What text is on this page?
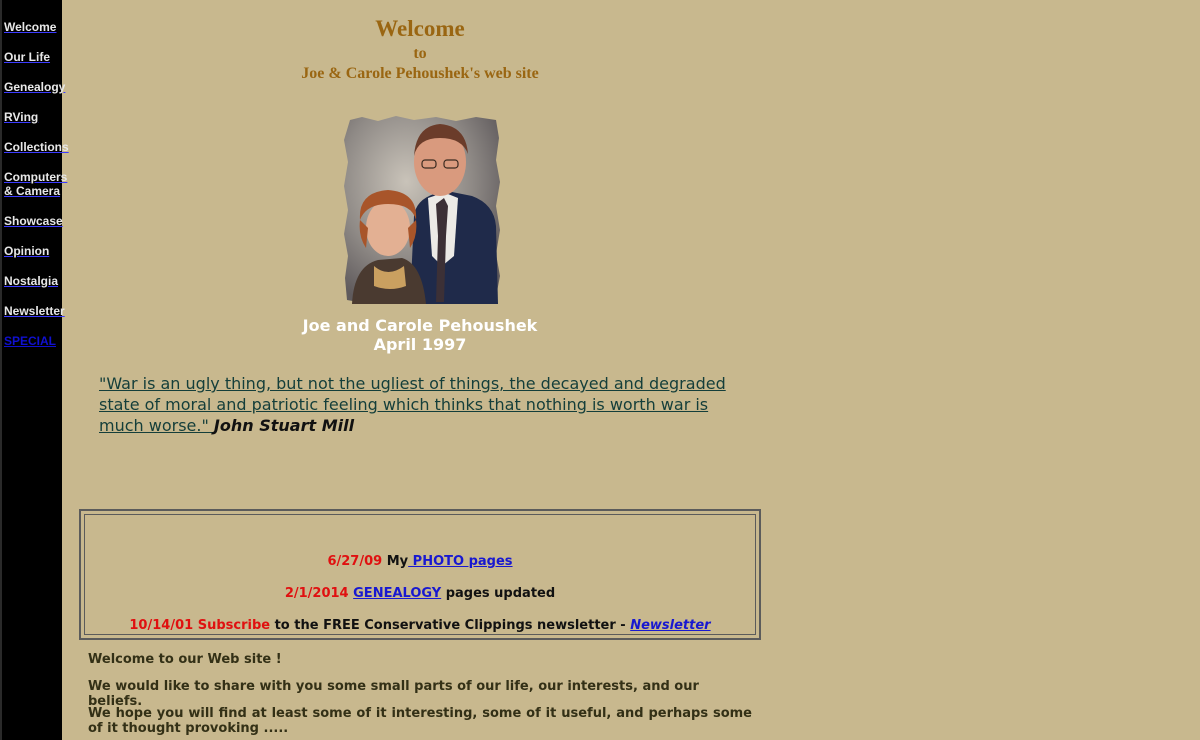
Welcome
Our Life
Genealogy
RVing
Collections
Computers
& Camera
Showcase
Opinion
Nostalgia
Newsletter
SPECIAL
Welcome
to
Joe & Carole Pehoushek's web site
Joe and Carole Pehoushek
April 1997
"War is an ugly thing, but not the ugliest of things, the decayed and degraded state of moral and patriotic feeling which thinks that nothing is worth war is much worse." John Stuart Mill
6/27/09 My PHOTO pages
2/1/2014 GENEALOGY pages updated
10/14/01 Subscribe to the FREE Conservative Clippings newsletter - Newsletter
Welcome to our Web site !
We would like to share with you some small parts of our life, our interests, and our beliefs.
We hope you will find at least some of it interesting, some of it useful, and perhaps some of it thought provoking .....
